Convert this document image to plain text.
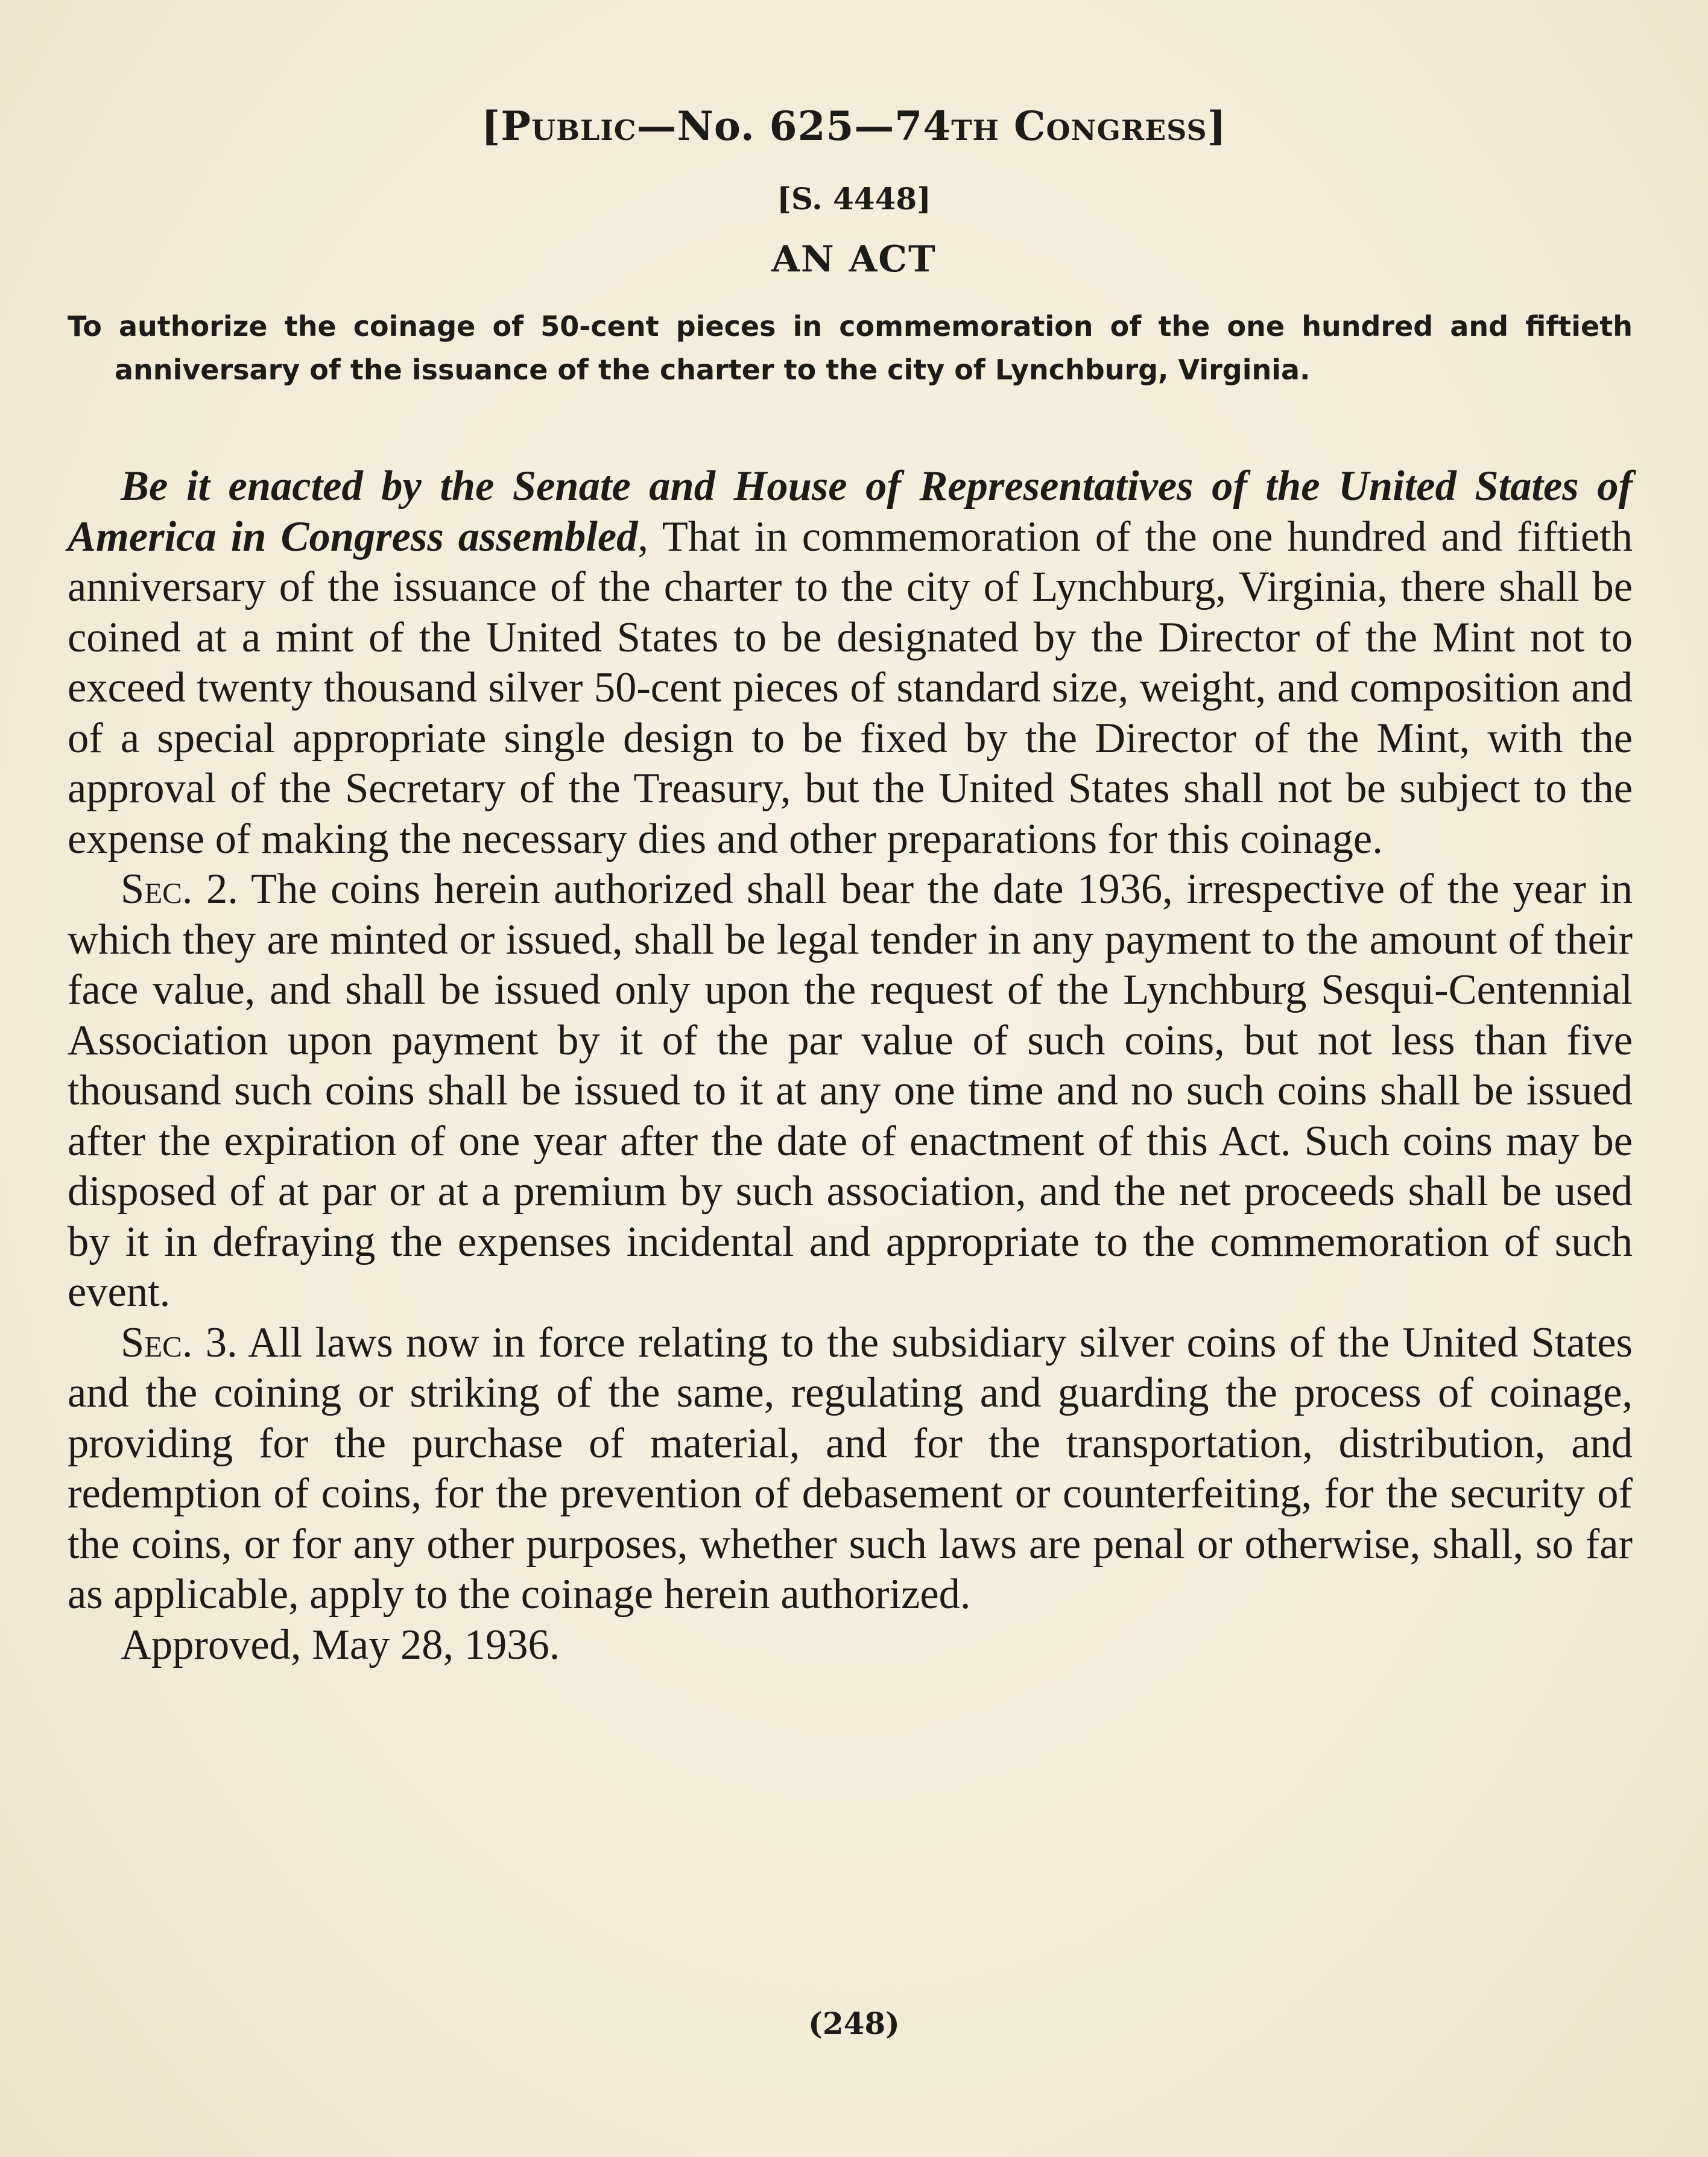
[Public—No. 625—74th Congress]
[S. 4448]
AN ACT
To authorize the coinage of 50-cent pieces in commemoration of the one hundred and fiftieth anniversary of the issuance of the charter to the city of Lynchburg, Virginia.

Be it enacted by the Senate and House of Representatives of the United States of America in Congress assembled, That in commemoration of the one hundred and fiftieth anniversary of the issuance of the charter to the city of Lynchburg, Virginia, there shall be coined at a mint of the United States to be designated by the Director of the Mint not to exceed twenty thousand silver 50-cent pieces of standard size, weight, and composition and of a special appropriate single design to be fixed by the Director of the Mint, with the approval of the Secretary of the Treasury, but the United States shall not be subject to the expense of making the necessary dies and other preparations for this coinage.

Sec. 2. The coins herein authorized shall bear the date 1936, irrespective of the year in which they are minted or issued, shall be legal tender in any payment to the amount of their face value, and shall be issued only upon the request of the Lynchburg Sesqui-Centennial Association upon payment by it of the par value of such coins, but not less than five thousand such coins shall be issued to it at any one time and no such coins shall be issued after the expiration of one year after the date of enactment of this Act. Such coins may be disposed of at par or at a premium by such association, and the net proceeds shall be used by it in defraying the expenses incidental and appropriate to the commemoration of such event.

Sec. 3. All laws now in force relating to the subsidiary silver coins of the United States and the coining or striking of the same, regulating and guarding the process of coinage, providing for the purchase of material, and for the transportation, distribution, and redemption of coins, for the prevention of debasement or counterfeiting, for the security of the coins, or for any other purposes, whether such laws are penal or otherwise, shall, so far as applicable, apply to the coinage herein authorized.

Approved, May 28, 1936.

(248)
